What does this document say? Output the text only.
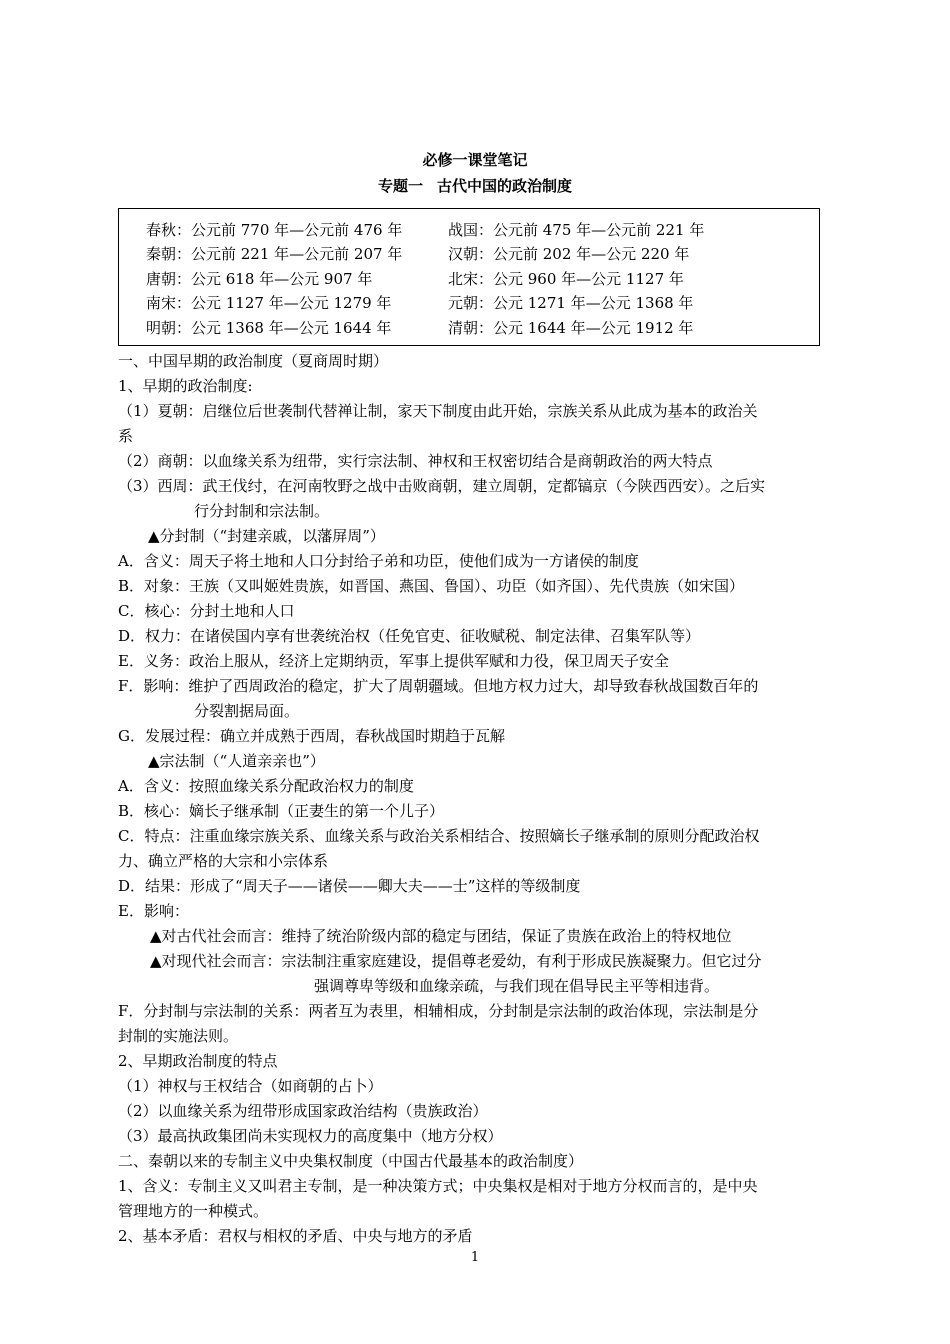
必修一课堂笔记
专题一 古代中国的政治制度
春秋：公元前 770 年—公元前 476 年	战国：公元前 475 年—公元前 221 年
秦朝：公元前 221 年—公元前 207 年	汉朝：公元前 202 年—公元 220 年
唐朝：公元 618 年—公元 907 年	北宋：公元 960 年—公元 1127 年
南宋：公元 1127 年—公元 1279 年	元朝：公元 1271 年—公元 1368 年
明朝：公元 1368 年—公元 1644 年	清朝：公元 1644 年—公元 1912 年
一、中国早期的政治制度（夏商周时期）
1、早期的政治制度:
（1）夏朝：启继位后世袭制代替禅让制，家天下制度由此开始，宗族关系从此成为基本的政治关
系
（2）商朝：以血缘关系为纽带，实行宗法制、神权和王权密切结合是商朝政治的两大特点
（3）西周：武王伐纣，在河南牧野之战中击败商朝，建立周朝，定都镐京（今陕西西安）。之后实
行分封制和宗法制。
▲分封制（“封建亲戚，以藩屏周”）
A．含义：周天子将土地和人口分封给子弟和功臣，使他们成为一方诸侯的制度
B．对象：王族（又叫姬姓贵族，如晋国、燕国、鲁国）、功臣（如齐国）、先代贵族（如宋国）
C．核心：分封土地和人口
D．权力：在诸侯国内享有世袭统治权（任免官吏、征收赋税、制定法律、召集军队等）
E．义务：政治上服从，经济上定期纳贡，军事上提供军赋和力役，保卫周天子安全
F．影响：维护了西周政治的稳定，扩大了周朝疆域。但地方权力过大，却导致春秋战国数百年的
分裂割据局面。
G．发展过程：确立并成熟于西周，春秋战国时期趋于瓦解
▲宗法制（“人道亲亲也”）
A．含义：按照血缘关系分配政治权力的制度
B．核心：嫡长子继承制（正妻生的第一个儿子）
C．特点：注重血缘宗族关系、血缘关系与政治关系相结合、按照嫡长子继承制的原则分配政治权
力、确立严格的大宗和小宗体系
D．结果：形成了“周天子——诸侯——卿大夫——士”这样的等级制度
E．影响：
▲对古代社会而言：维持了统治阶级内部的稳定与团结，保证了贵族在政治上的特权地位
▲对现代社会而言：宗法制注重家庭建设，提倡尊老爱幼，有利于形成民族凝聚力。但它过分
强调尊卑等级和血缘亲疏，与我们现在倡导民主平等相违背。
F．分封制与宗法制的关系：两者互为表里，相辅相成，分封制是宗法制的政治体现，宗法制是分
封制的实施法则。
2、早期政治制度的特点
（1）神权与王权结合（如商朝的占卜）
（2）以血缘关系为纽带形成国家政治结构（贵族政治）
（3）最高执政集团尚未实现权力的高度集中（地方分权）
二、秦朝以来的专制主义中央集权制度（中国古代最基本的政治制度）
1、含义：专制主义又叫君主专制，是一种决策方式；中央集权是相对于地方分权而言的，是中央
管理地方的一种模式。
2、基本矛盾：君权与相权的矛盾、中央与地方的矛盾
1
